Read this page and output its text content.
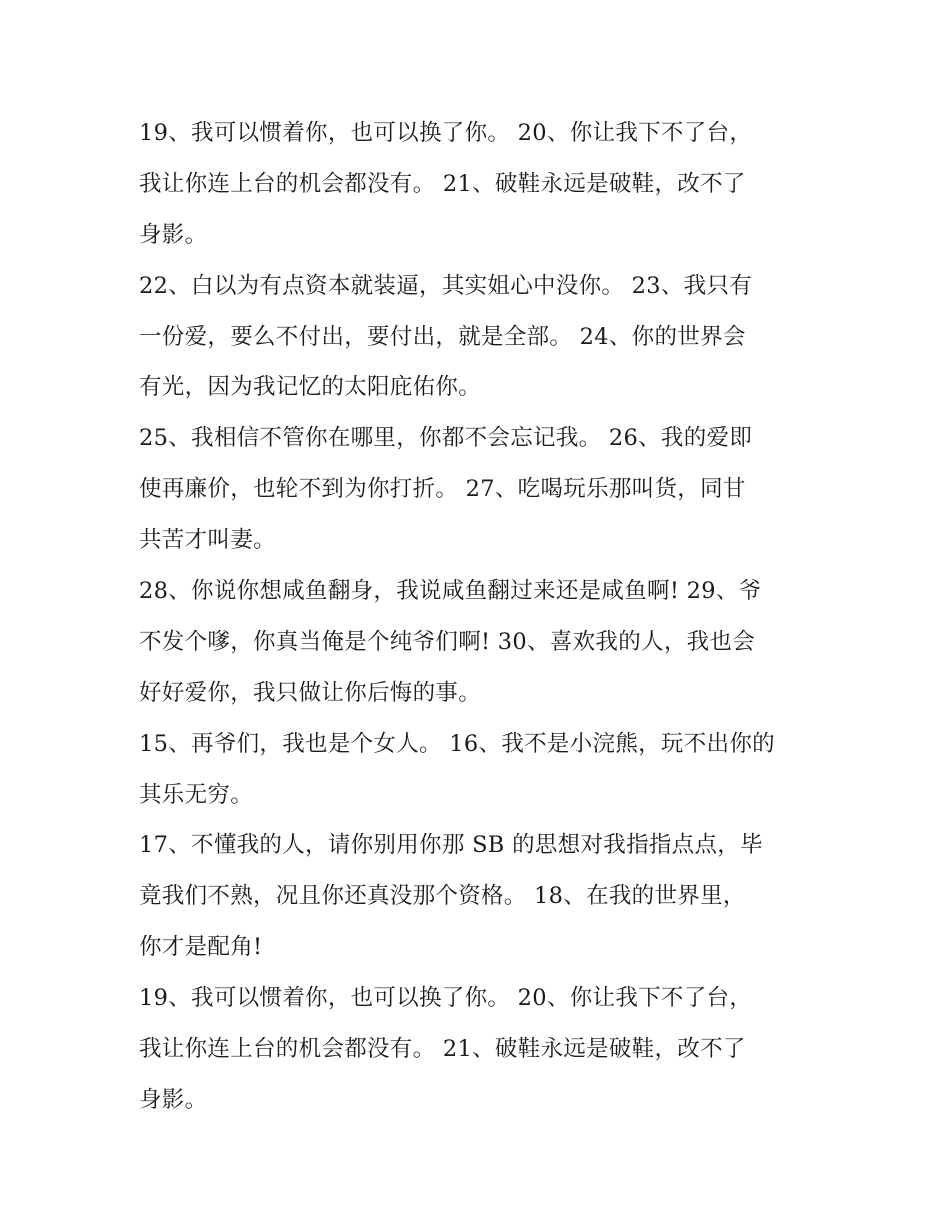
19、我可以惯着你，也可以换了你。 20、你让我下不了台，
我让你连上台的机会都没有。 21、破鞋永远是破鞋，改不了
身影。
22、白以为有点资本就装逼，其实姐心中没你。 23、我只有
一份爱，要么不付出，要付出，就是全部。 24、你的世界会
有光，因为我记忆的太阳庇佑你。
25、我相信不管你在哪里，你都不会忘记我。 26、我的爱即
使再廉价，也轮不到为你打折。 27、吃喝玩乐那叫货，同甘
共苦才叫妻。
28、你说你想咸鱼翻身，我说咸鱼翻过来还是咸鱼啊! 29、爷
不发个嗲，你真当俺是个纯爷们啊! 30、喜欢我的人，我也会
好好爱你，我只做让你后悔的事。
15、再爷们，我也是个女人。 16、我不是小浣熊，玩不出你的
其乐无穷。
17、不懂我的人，请你别用你那 SB 的思想对我指指点点，毕
竟我们不熟，况且你还真没那个资格。 18、在我的世界里，
你才是配角!
19、我可以惯着你，也可以换了你。 20、你让我下不了台，
我让你连上台的机会都没有。 21、破鞋永远是破鞋，改不了
身影。
